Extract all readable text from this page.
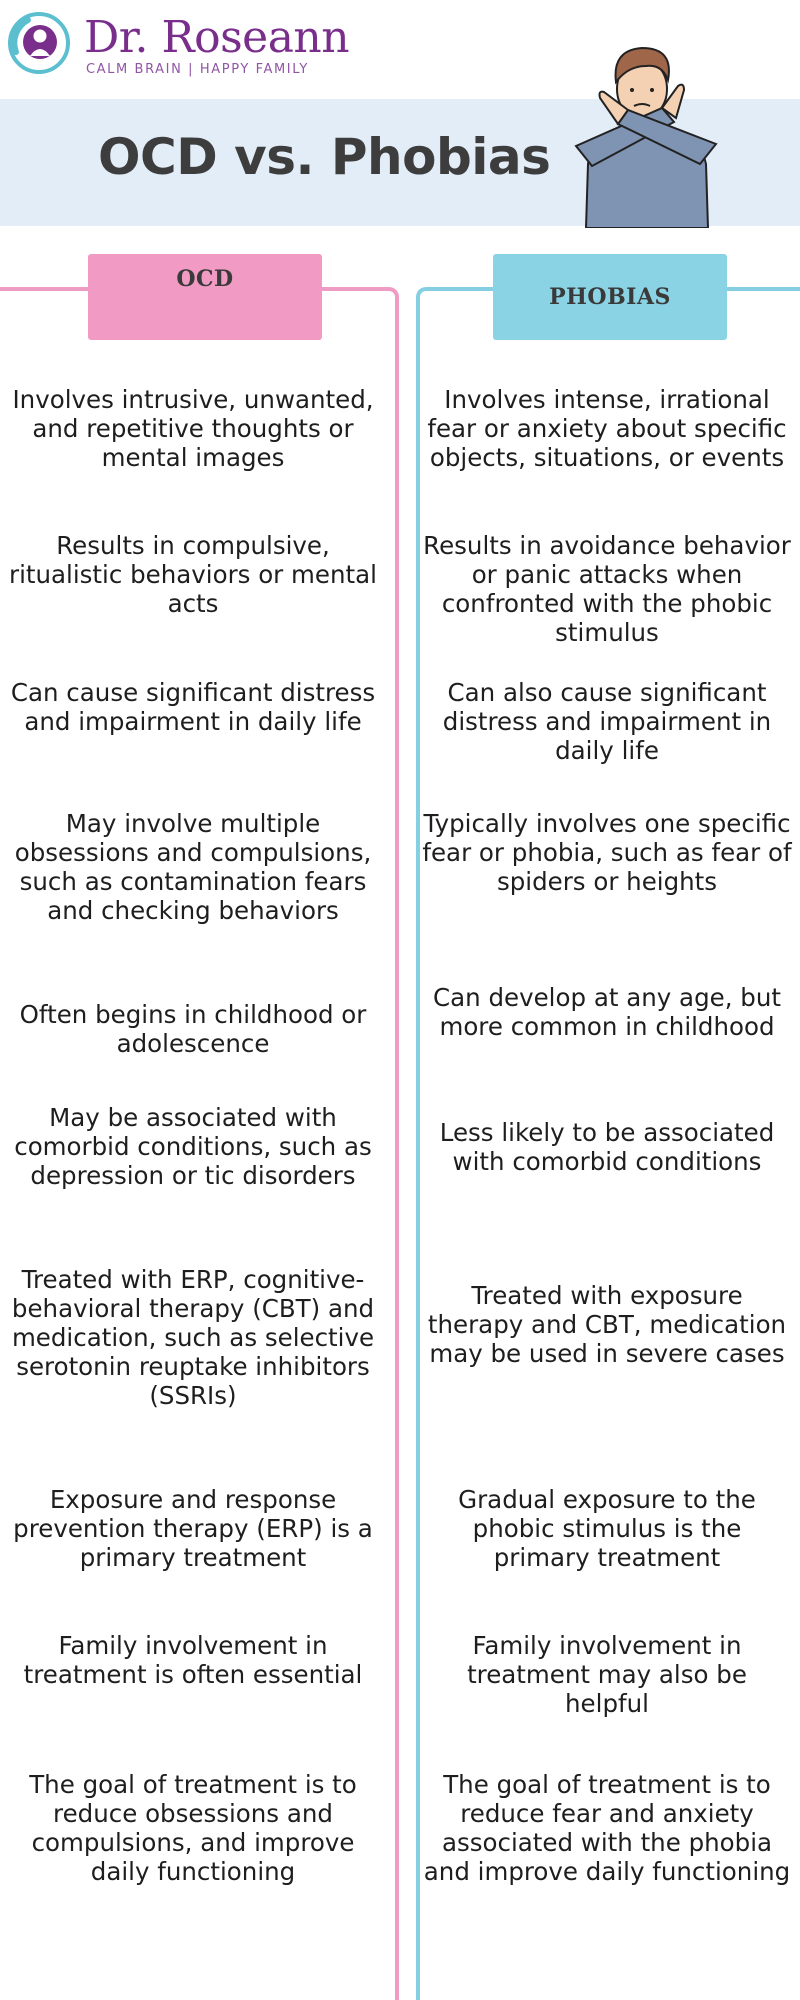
Dr. Roseann
CALM BRAIN | HAPPY FAMILY
OCD vs. Phobias
OCD
PHOBIAS
Involves intrusive, unwanted, and repetitive thoughts or mental images
Results in compulsive, ritualistic behaviors or mental acts
Can cause significant distress and impairment in daily life
May involve multiple obsessions and compulsions, such as contamination fears and checking behaviors
Often begins in childhood or adolescence
May be associated with comorbid conditions, such as depression or tic disorders
Treated with ERP, cognitive-behavioral therapy (CBT) and medication, such as selective serotonin reuptake inhibitors (SSRIs)
Exposure and response prevention therapy (ERP) is a primary treatment
Family involvement in treatment is often essential
The goal of treatment is to reduce obsessions and compulsions, and improve daily functioning
Involves intense, irrational fear or anxiety about specific objects, situations, or events
Results in avoidance behavior or panic attacks when confronted with the phobic stimulus
Can also cause significant distress and impairment in daily life
Typically involves one specific fear or phobia, such as fear of spiders or heights
Can develop at any age, but more common in childhood
Less likely to be associated with comorbid conditions
Treated with exposure therapy and CBT, medication may be used in severe cases
Gradual exposure to the phobic stimulus is the primary treatment
Family involvement in treatment may also be helpful
The goal of treatment is to reduce fear and anxiety associated with the phobia and improve daily functioning
